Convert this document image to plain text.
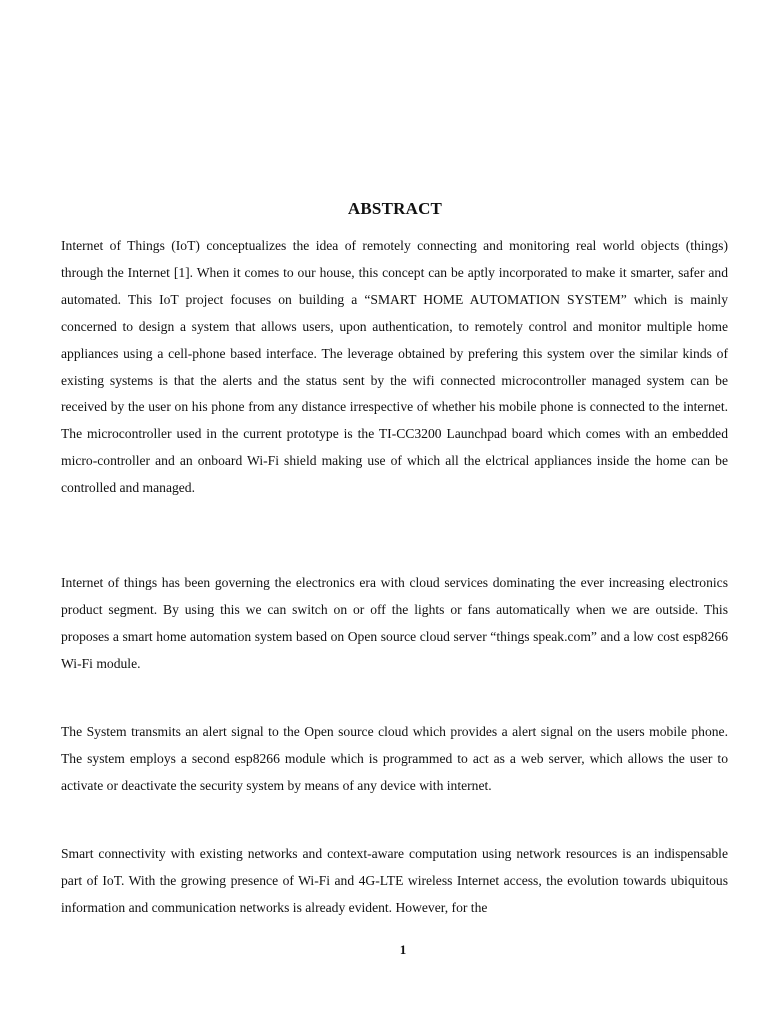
ABSTRACT

Internet of Things (IoT) conceptualizes the idea of remotely connecting and monitoring real world objects (things) through the Internet [1]. When it comes to our house, this concept can be aptly incorporated to make it smarter, safer and automated. This IoT project focuses on building a “SMART HOME AUTOMATION SYSTEM” which is mainly concerned to design a system that allows users, upon authentication, to remotely control and monitor multiple home appliances using a cell-phone based interface. The leverage obtained by prefering this system over the similar kinds of existing systems is that the alerts and the status sent by the wifi connected microcontroller managed system can be received by the user on his phone from any distance irrespective of whether his mobile phone is connected to the internet. The microcontroller used in the current prototype is the TI-CC3200 Launchpad board which comes with an embedded micro-controller and an onboard Wi-Fi shield making use of which all the elctrical appliances inside the home can be controlled and managed.

Internet of things has been governing the electronics era with cloud services dominating the ever increasing electronics product segment. By using this we can switch on or off the lights or fans automatically when we are outside. This proposes a smart home automation system based on Open source cloud server “things speak.com” and a low cost esp8266 Wi-Fi module.

The System transmits an alert signal to the Open source cloud which provides a alert signal on the users mobile phone. The system employs a second esp8266 module which is programmed to act as a web server, which allows the user to activate or deactivate the security system by means of any device with internet.

Smart connectivity with existing networks and context-aware computation using network resources is an indispensable part of IoT. With the growing presence of Wi-Fi and 4G-LTE wireless Internet access, the evolution towards ubiquitous information and communication networks is already evident. However, for the

1
